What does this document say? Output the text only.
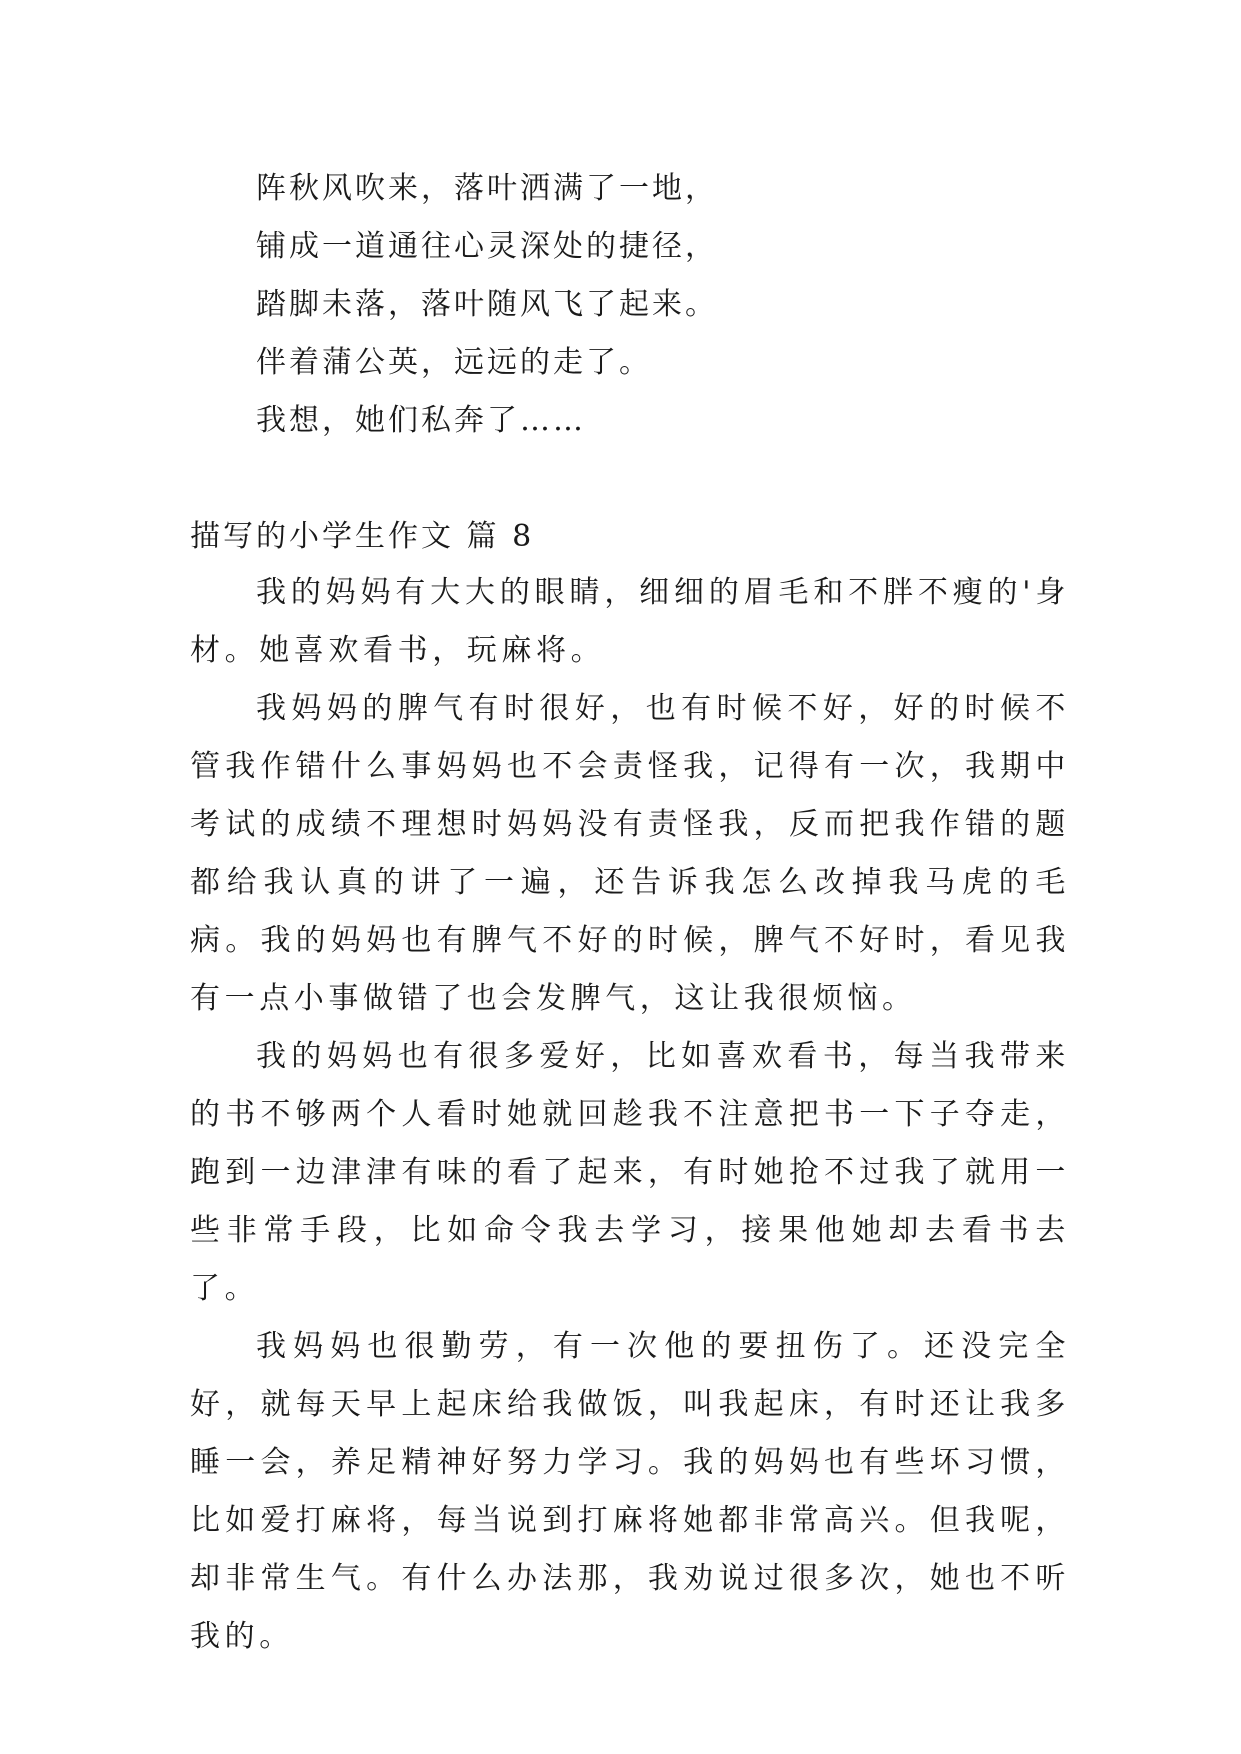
阵秋风吹来，落叶洒满了一地，
铺成一道通往心灵深处的捷径，
踏脚未落，落叶随风飞了起来。
伴着蒲公英，远远的走了。
我想，她们私奔了……
描写的小学生作文 篇 8

我的妈妈有大大的眼睛，细细的眉毛和不胖不瘦的'身材。她喜欢看书，玩麻将。

我妈妈的脾气有时很好，也有时候不好，好的时候不管我作错什么事妈妈也不会责怪我，记得有一次，我期中考试的成绩不理想时妈妈没有责怪我，反而把我作错的题都给我认真的讲了一遍，还告诉我怎么改掉我马虎的毛病。我的妈妈也有脾气不好的时候，脾气不好时，看见我有一点小事做错了也会发脾气，这让我很烦恼。

我的妈妈也有很多爱好，比如喜欢看书，每当我带来的书不够两个人看时她就回趁我不注意把书一下子夺走，跑到一边津津有味的看了起来，有时她抢不过我了就用一些非常手段，比如命令我去学习，接果他她却去看书去了。

我妈妈也很勤劳，有一次他的要扭伤了。还没完全好，就每天早上起床给我做饭，叫我起床，有时还让我多睡一会，养足精神好努力学习。我的妈妈也有些坏习惯，比如爱打麻将，每当说到打麻将她都非常高兴。但我呢，却非常生气。有什么办法那，我劝说过很多次，她也不听我的。
